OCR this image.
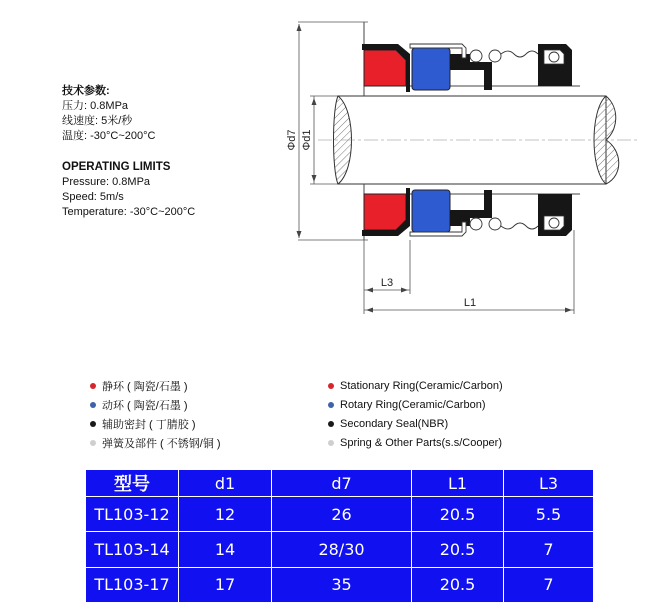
技术参数:
压力: 0.8MPa
线速度: 5米/秒
温度: -30°C~200°C
OPERATING LIMITS
Pressure: 0.8MPa
Speed: 5m/s
Temperature: -30°C~200°C
Φd7 Φd1
L3
L1
静环 ( 陶瓷/石墨 )
动环 ( 陶瓷/石墨 )
辅助密封 ( 丁腈胶 )
弹簧及部件 ( 不锈钢/铜 )
Stationary Ring(Ceramic/Carbon)
Rotary Ring(Ceramic/Carbon)
Secondary Seal(NBR)
Spring & Other Parts(s.s/Cooper)
型号	d1	d7	L1	L3
TL103-12	12	26	20.5	5.5
TL103-14	14	28/30	20.5	7
TL103-17	17	35	20.5	7
